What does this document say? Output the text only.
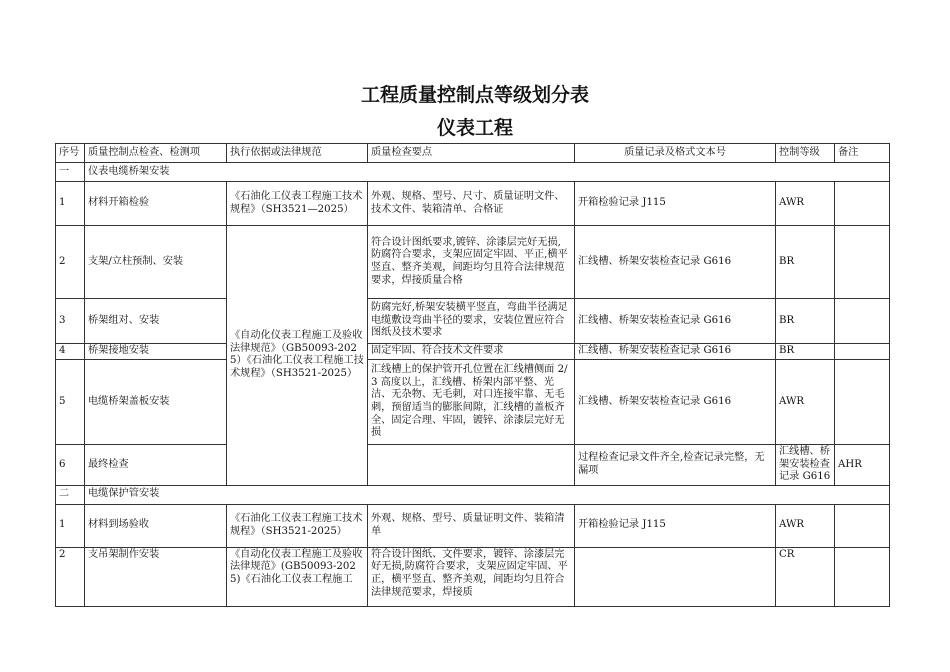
工程质量控制点等级划分表
仪表工程
序号	质量控制点检查、检测项	执行依据或法律规范	质量检查要点	质量记录及格式文本号	控制等级	备注	
一	仪表电缆桥架安装						
1	材料开箱检验	《石油化工仪表工程施工技术规程》（SH3521—2025）	外观、规格、型号、尺寸、质量证明文件、技术文件、装箱清单、合格证	开箱检验记录 J115	AWR		
2	支架/立柱预制、安装	《自动化仪表工程施工及验收法律规范》（GB50093-2025）《石油化工仪表工程施工技术规程》（SH3521-2025）	符合设计图纸要求,镀锌、涂漆层完好无损,防腐符合要求，支架应固定牢固、平正,横平竖直、整齐美观，间距均匀且符合法律规范要求，焊接质量合格	汇线槽、桥架安装检查记录 G616	BR		
3	桥架组对、安装		防腐完好,桥架安装横平竖直，弯曲半径满足电缆敷设弯曲半径的要求，安装位置应符合图纸及技术要求	汇线槽、桥架安装检查记录 G616	BR		
4	桥架接地安装		固定牢固、符合技术文件要求	汇线槽、桥架安装检查记录 G616	BR		
5	电缆桥架盖板安装		汇线槽上的保护管开孔位置在汇线槽侧面 2/3 高度以上，汇线槽、桥架内部平整、光洁、无杂物、无毛刺，对口连接牢靠、无毛刺，预留适当的膨胀间隙，汇线槽的盖板齐全、固定合理、牢固，镀锌、涂漆层完好无损	汇线槽、桥架安装检查记录 G616	AWR		
6	最终检查			过程检查记录文件齐全,检查记录完整，无漏项	汇线槽、桥架安装检查记录 G616	AHR	
二	电缆保护管安装						
1	材料到场验收	《石油化工仪表工程施工技术规程》（SH3521-2025）	外观、规格、型号、质量证明文件、装箱清单	开箱检验记录 J115	AWR		
2	支吊架制作安装	《自动化仪表工程施工及验收法律规范》(GB50093-2025)《石油化工仪表工程施工	符合设计图纸、文件要求，镀锌、涂漆层完好无损,防腐符合要求，支架应固定牢固、平正，横平竖直、整齐美观，间距均匀且符合法律规范要求，焊接质		CR		
